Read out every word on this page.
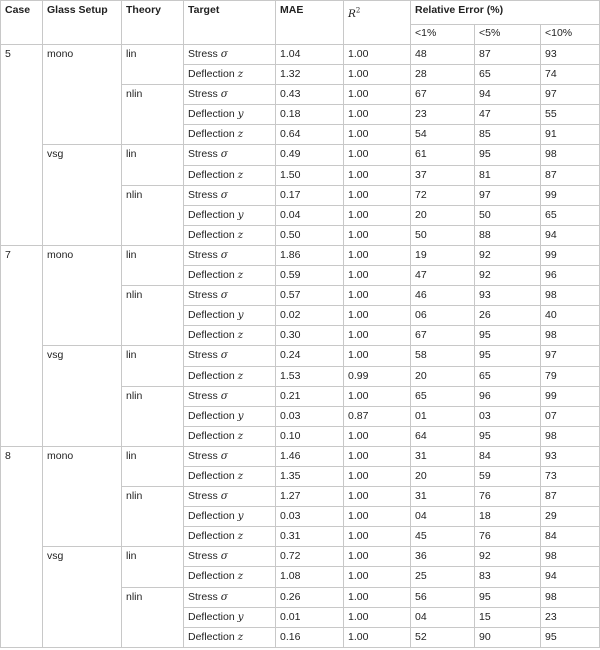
Case	Glass Setup	Theory	Target	MAE	$R^2$	Relative Error (%)		
						<1%	<5%	<10%
5	mono	lin	Stress σ	1.04	1.00	48	87	93
			Deflection z	1.32	1.00	28	65	74
		nlin	Stress σ	0.43	1.00	67	94	97
			Deflection y	0.18	1.00	23	47	55
			Deflection z	0.64	1.00	54	85	91
	vsg	lin	Stress σ	0.49	1.00	61	95	98
			Deflection z	1.50	1.00	37	81	87
		nlin	Stress σ	0.17	1.00	72	97	99
			Deflection y	0.04	1.00	20	50	65
			Deflection z	0.50	1.00	50	88	94
7	mono	lin	Stress σ	1.86	1.00	19	92	99
			Deflection z	0.59	1.00	47	92	96
		nlin	Stress σ	0.57	1.00	46	93	98
			Deflection y	0.02	1.00	06	26	40
			Deflection z	0.30	1.00	67	95	98
	vsg	lin	Stress σ	0.24	1.00	58	95	97
			Deflection z	1.53	0.99	20	65	79
		nlin	Stress σ	0.21	1.00	65	96	99
			Deflection y	0.03	0.87	01	03	07
			Deflection z	0.10	1.00	64	95	98
8	mono	lin	Stress σ	1.46	1.00	31	84	93
			Deflection z	1.35	1.00	20	59	73
		nlin	Stress σ	1.27	1.00	31	76	87
			Deflection y	0.03	1.00	04	18	29
			Deflection z	0.31	1.00	45	76	84
	vsg	lin	Stress σ	0.72	1.00	36	92	98
			Deflection z	1.08	1.00	25	83	94
		nlin	Stress σ	0.26	1.00	56	95	98
			Deflection y	0.01	1.00	04	15	23
			Deflection z	0.16	1.00	52	90	95
